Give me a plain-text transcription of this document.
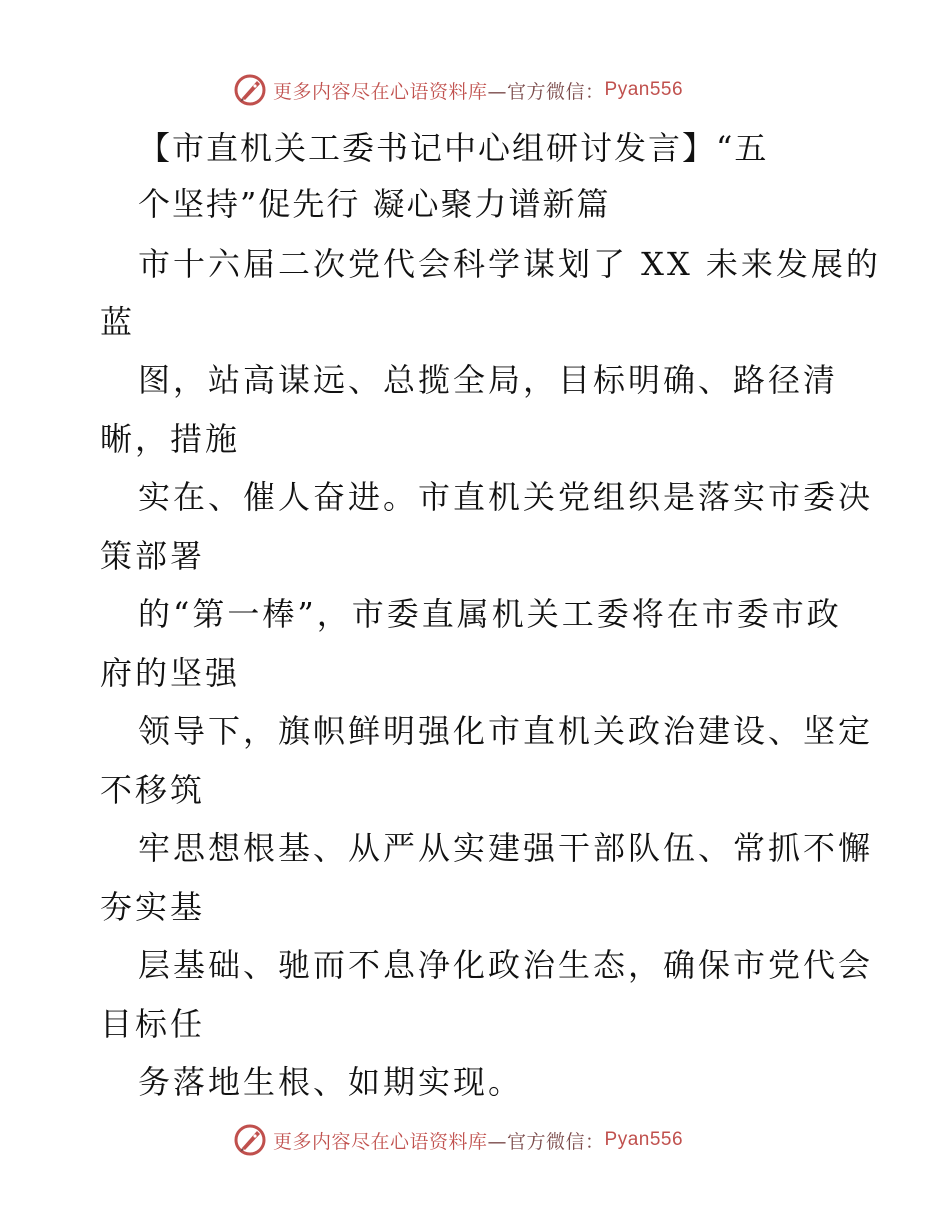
更多内容尽在心语资料库 —官方微信： Pyan556
【市直机关工委书记中心组研讨发言】“五
个坚持”促先行 凝心聚力谱新篇
市十六届二次党代会科学谋划了 XX 未来发展的
蓝
图，站高谋远、总揽全局，目标明确、路径清
晰，措施
实在、催人奋进。市直机关党组织是落实市委决
策部署
的“第一棒”，市委直属机关工委将在市委市政
府的坚强
领导下，旗帜鲜明强化市直机关政治建设、坚定
不移筑
牢思想根基、从严从实建强干部队伍、常抓不懈
夯实基
层基础、驰而不息净化政治生态，确保市党代会
目标任
务落地生根、如期实现。
更多内容尽在心语资料库 —官方微信： Pyan556
